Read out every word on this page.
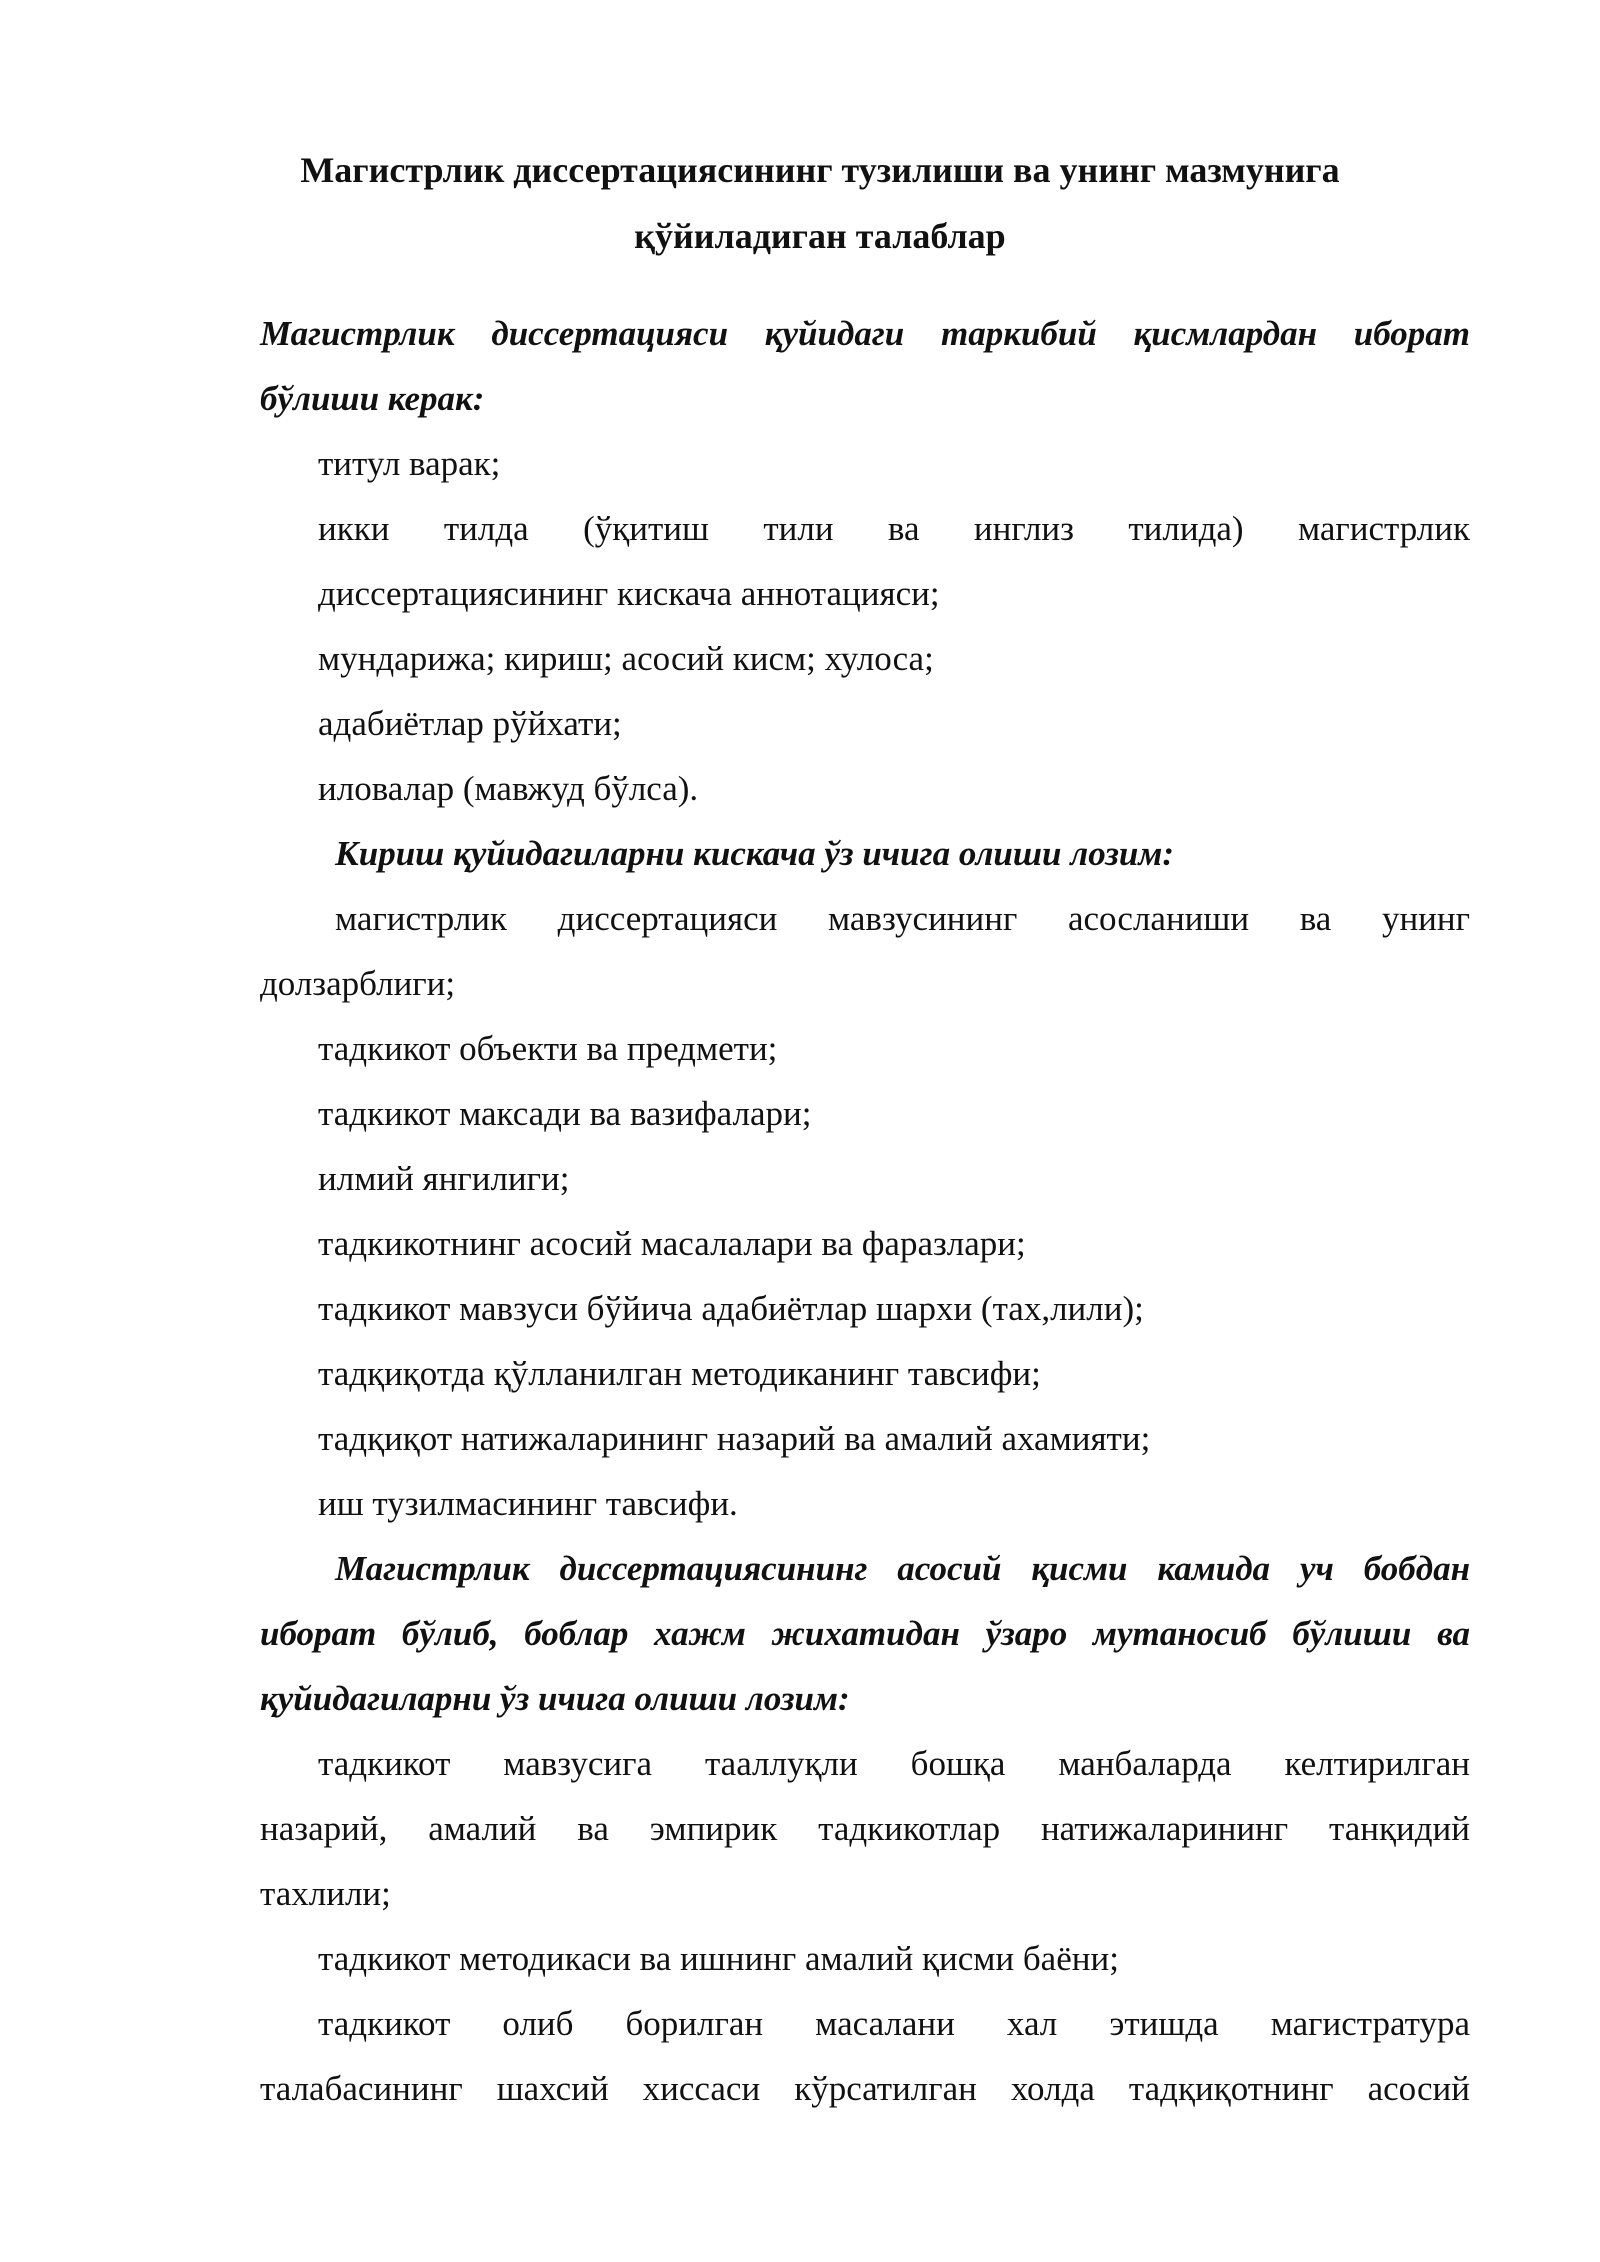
Магистрлик диссертациясининг тузилиши ва унинг мазмунига
қўйиладиган талаблар
Магистрлик диссертацияси қуйидаги таркибий қисмлардан иборат
бўлиши керак:
титул варак;
икки тилда (ўқитиш тили ва инглиз тилида) магистрлик
диссертациясининг кискача аннотацияси;
мундарижа; кириш; асосий кисм; хулоса;
адабиётлар рўйхати;
иловалар (мавжуд бўлса).
Кириш қуйидагиларни кискача ўз ичига олиши лозим:
магистрлик диссертацияси мавзусининг асосланиши ва унинг
долзарблиги;
тадкикот объекти ва предмети;
тадкикот максади ва вазифалари;
илмий янгилиги;
тадкикотнинг асосий масалалари ва фаразлари;
тадкикот мавзуси бўйича адабиётлар шархи (тах,лили);
тадқиқотда қўлланилган методиканинг тавсифи;
тадқиқот натижаларининг назарий ва амалий ахамияти;
иш тузилмасининг тавсифи.
Магистрлик диссертациясининг асосий қисми камида уч бобдан
иборат бўлиб, боблар хажм жихатидан ўзаро мутаносиб бўлиши ва
қуйидагиларни ўз ичига олиши лозим:
тадкикот мавзусига тааллуқли бошқа манбаларда келтирилган
назарий, амалий ва эмпирик тадкикотлар натижаларининг танқидий
тахлили;
тадкикот методикаси ва ишнинг амалий қисми баёни;
тадкикот олиб борилган масалани хал этишда магистратура
талабасининг шахсий хиссаси кўрсатилган холда тадқиқотнинг асосий
